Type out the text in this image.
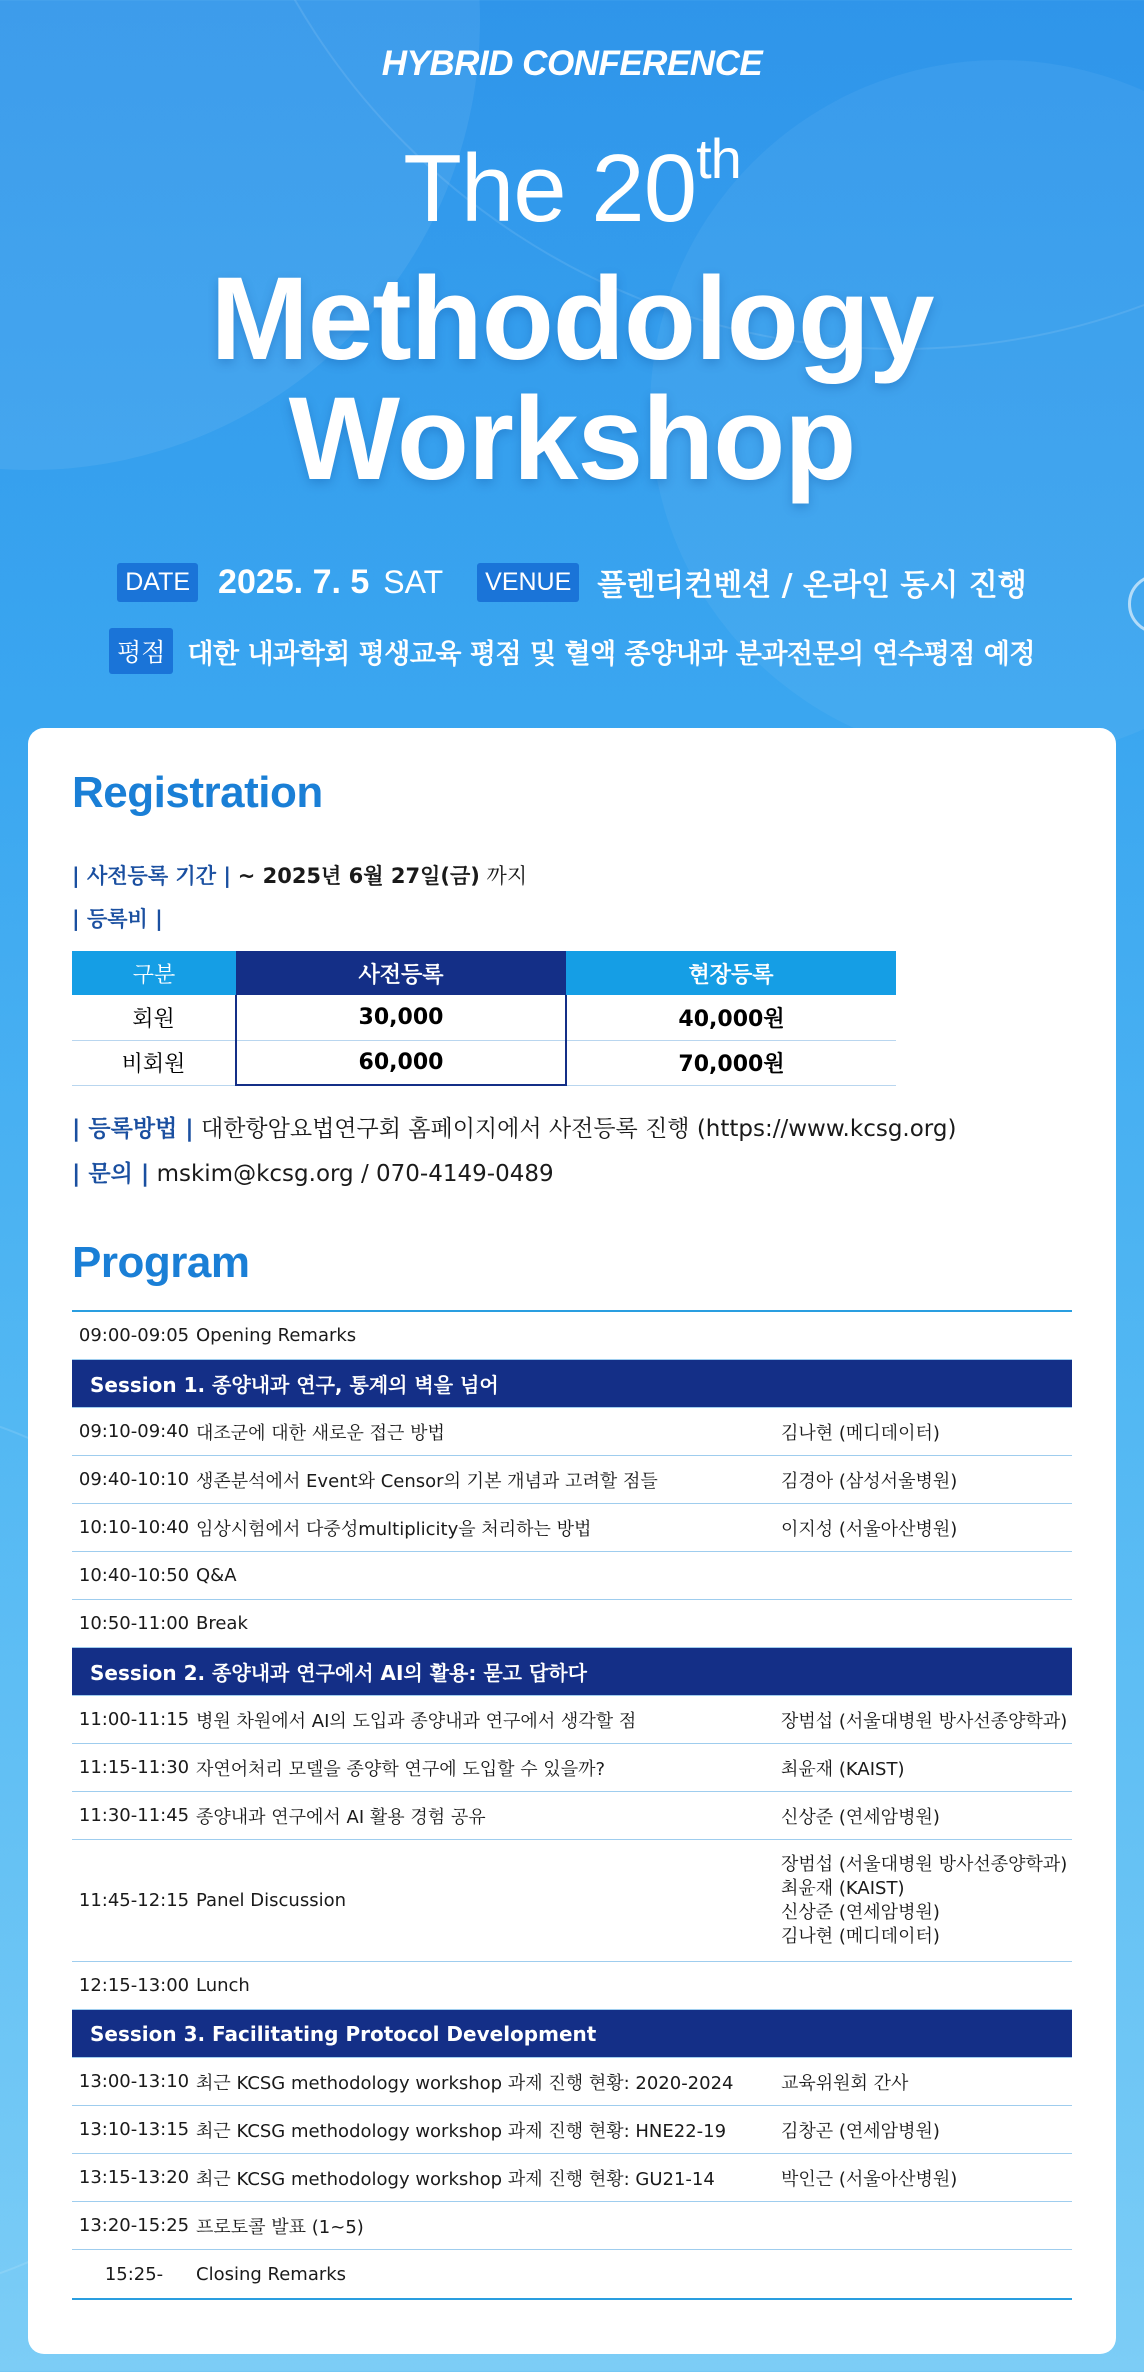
HYBRID CONFERENCE
The 20th
Methodology
Workshop
DATE 2025. 7. 5 SAT	VENUE 플렌티컨벤션 / 온라인 동시 진행
평점 대한 내과학회 평생교육 평점 및 혈액 종양내과 분과전문의 연수평점 예정
Registration
| 사전등록 기간 | ~ 2025년 6월 27일(금) 까지
| 등록비 |
구분	사전등록	현장등록
회원	30,000	40,000원
비회원	60,000	70,000원
| 등록방법 | 대한항암요법연구회 홈페이지에서 사전등록 진행 (https://www.kcsg.org)
| 문의 | mskim@kcsg.org / 070-4149-0489
Program
09:00-09:05 Opening Remarks
Session 1. 종양내과 연구, 통계의 벽을 넘어
09:10-09:40 대조군에 대한 새로운 접근 방법	김나현 (메디데이터)
09:40-10:10 생존분석에서 Event와 Censor의 기본 개념과 고려할 점들	김경아 (삼성서울병원)
10:10-10:40 임상시험에서 다중성multiplicity을 처리하는 방법	이지성 (서울아산병원)
10:40-10:50 Q&A
10:50-11:00 Break
Session 2. 종양내과 연구에서 AI의 활용: 묻고 답하다
11:00-11:15 병원 차원에서 AI의 도입과 종양내과 연구에서 생각할 점	장범섭 (서울대병원 방사선종양학과)
11:15-11:30 자연어처리 모델을 종양학 연구에 도입할 수 있을까?	최윤재 (KAIST)
11:30-11:45 종양내과 연구에서 AI 활용 경험 공유	신상준 (연세암병원)
11:45-12:15 Panel Discussion
장범섭 (서울대병원 방사선종양학과)
최윤재 (KAIST)
신상준 (연세암병원)
김나현 (메디데이터)
12:15-13:00 Lunch
Session 3. Facilitating Protocol Development
13:00-13:10 최근 KCSG methodology workshop 과제 진행 현황: 2020-2024	교육위원회 간사
13:10-13:15 최근 KCSG methodology workshop 과제 진행 현황: HNE22-19	김창곤 (연세암병원)
13:15-13:20 최근 KCSG methodology workshop 과제 진행 현황: GU21-14	박인근 (서울아산병원)
13:20-15:25 프로토콜 발표 (1~5)
15:25-	Closing Remarks
